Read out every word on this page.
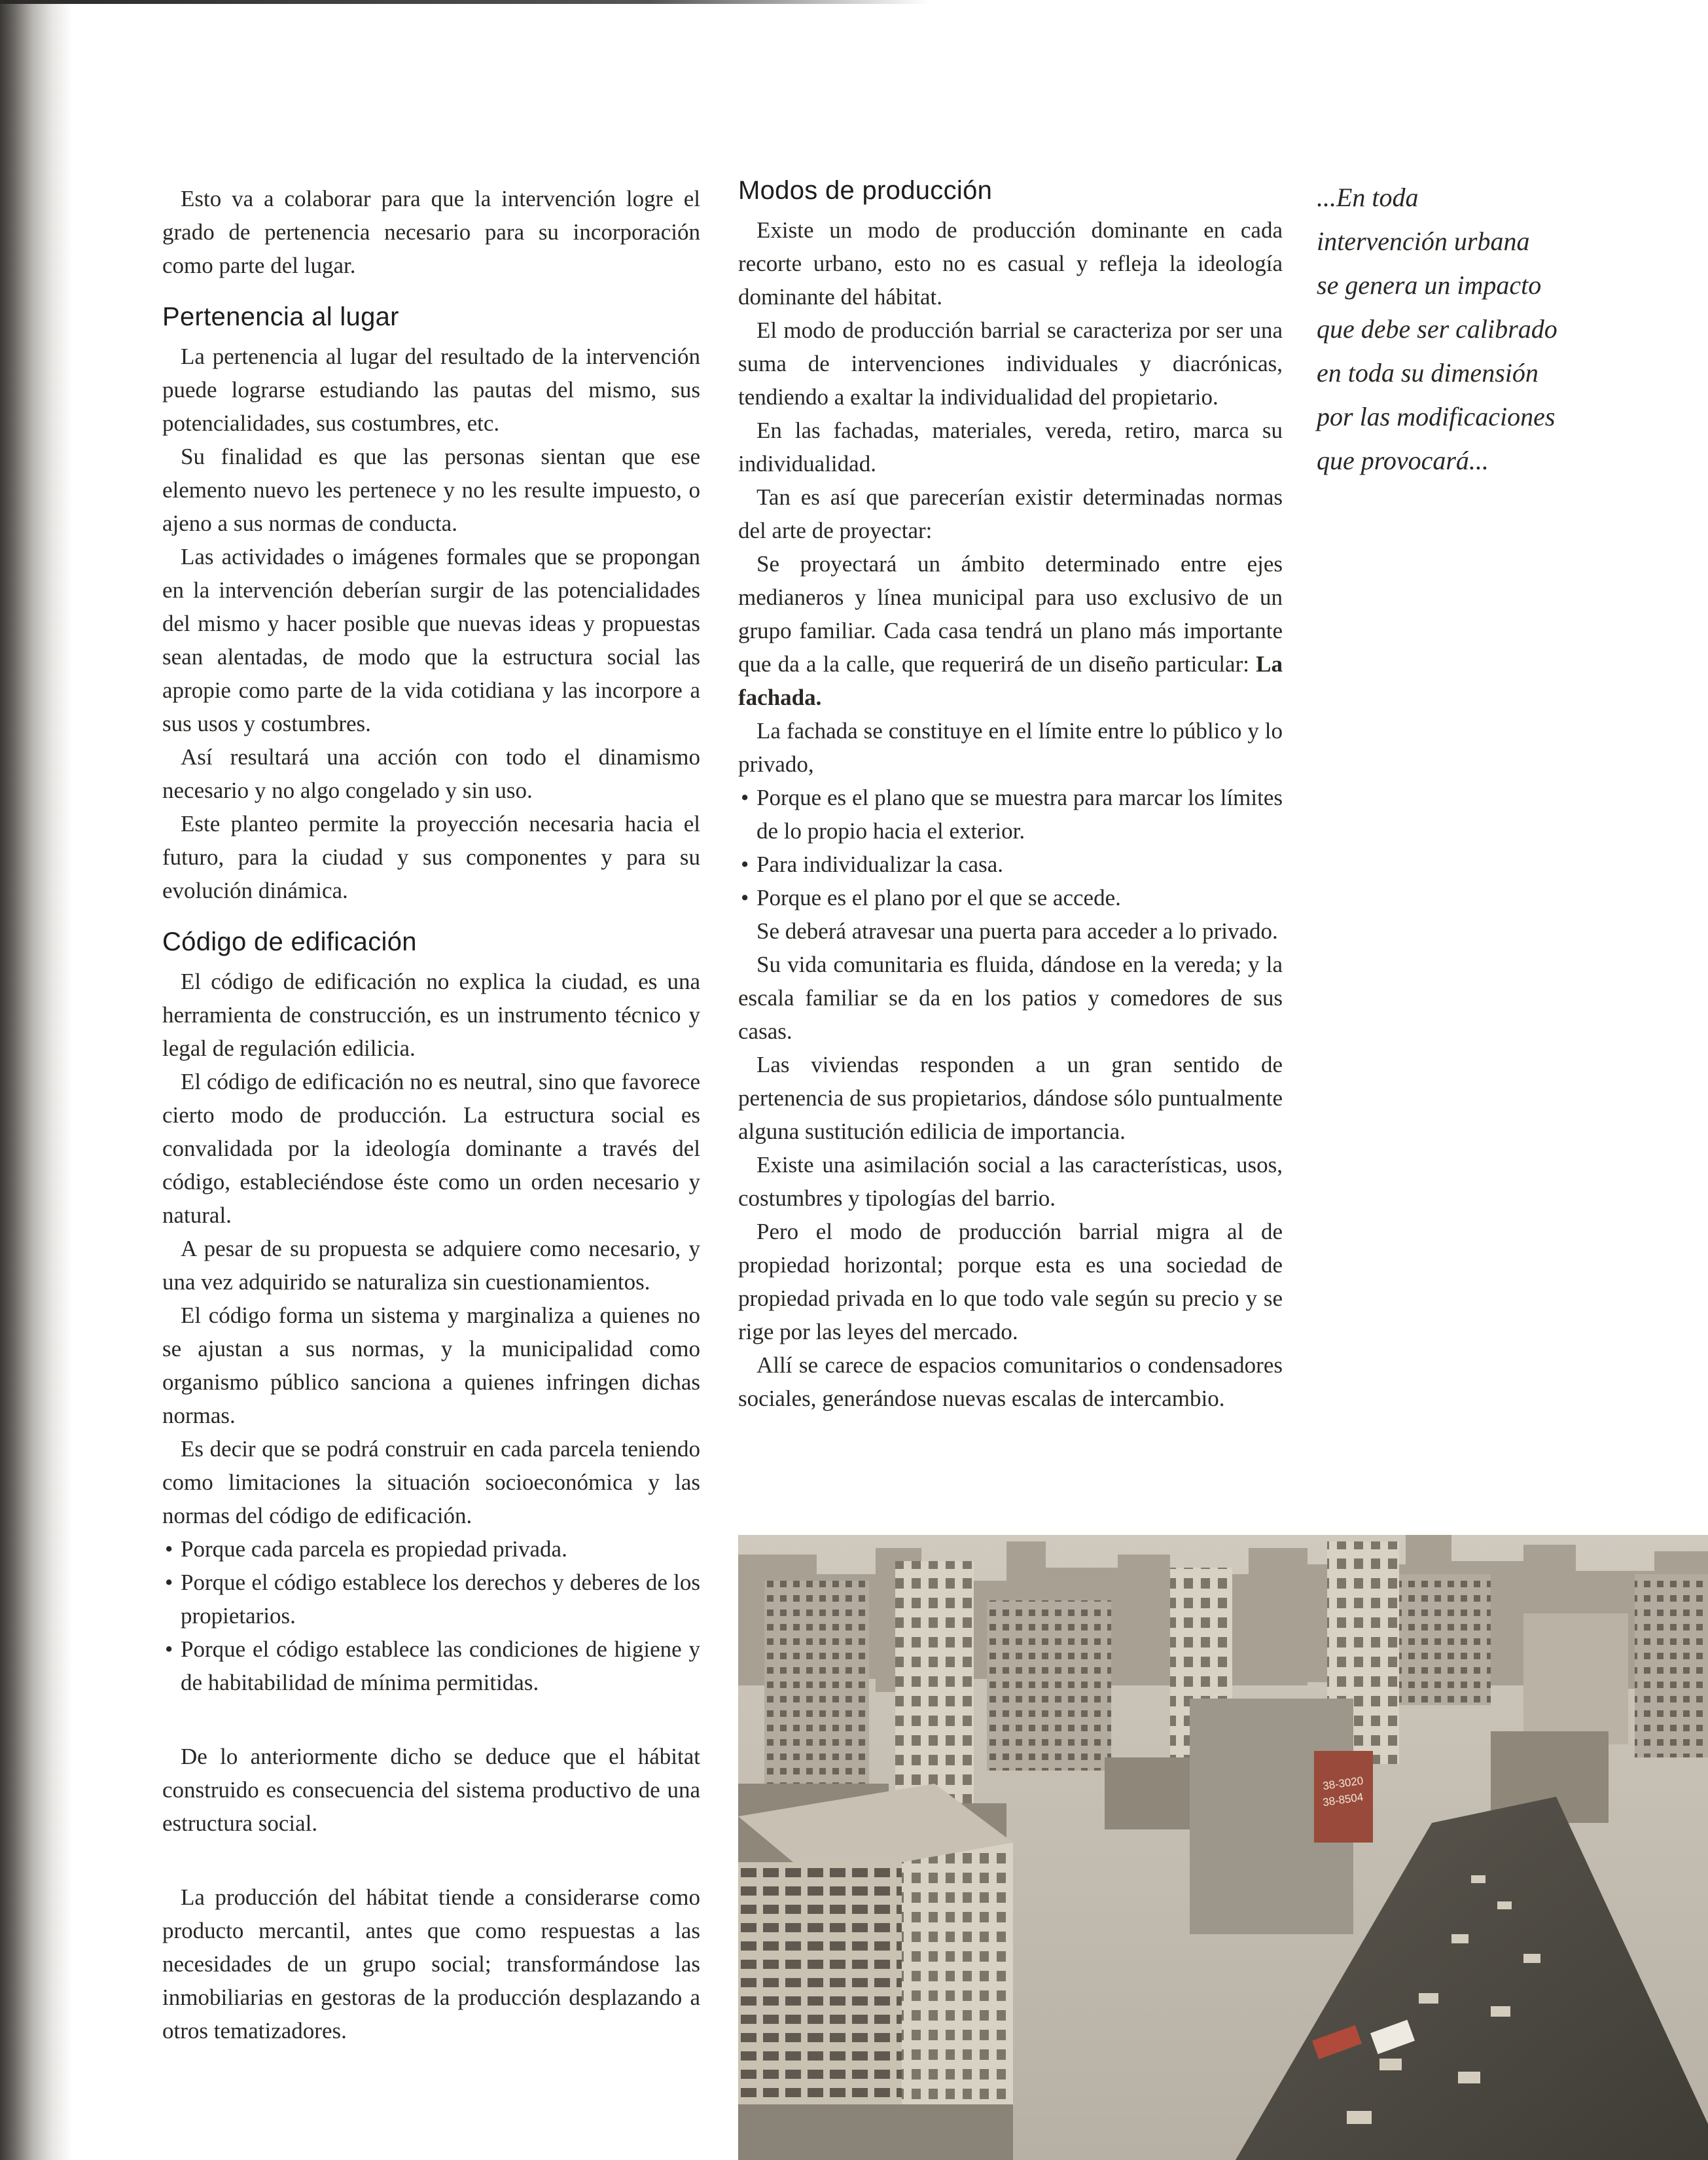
Esto va a colaborar para que la intervención logre el grado de pertenencia necesario para su incorporación como parte del lugar.

Pertenencia al lugar

La pertenencia al lugar del resultado de la intervención puede lograrse estudiando las pautas del mismo, sus potencialidades, sus costumbres, etc.

Su finalidad es que las personas sientan que ese elemento nuevo les pertenece y no les resulte impuesto, o ajeno a sus normas de conducta.

Las actividades o imágenes formales que se propongan en la intervención deberían surgir de las potencialidades del mismo y hacer posible que nuevas ideas y propuestas sean alentadas, de modo que la estructura social las apropie como parte de la vida cotidiana y las incorpore a sus usos y costumbres.

Así resultará una acción con todo el dinamismo necesario y no algo congelado y sin uso.

Este planteo permite la proyección necesaria hacia el futuro, para la ciudad y sus componentes y para su evolución dinámica.

Código de edificación

El código de edificación no explica la ciudad, es una herramienta de construcción, es un instrumento técnico y legal de regulación edilicia.

El código de edificación no es neutral, sino que favorece cierto modo de producción. La estructura social es convalidada por la ideología dominante a través del código, estableciéndose éste como un orden necesario y natural.

A pesar de su propuesta se adquiere como necesario, y una vez adquirido se naturaliza sin cuestionamientos.

El código forma un sistema y marginaliza a quienes no se ajustan a sus normas, y la municipalidad como organismo público sanciona a quienes infringen dichas normas.

Es decir que se podrá construir en cada parcela teniendo como limitaciones la situación socioeconómica y las normas del código de edificación.

• Porque cada parcela es propiedad privada.
• Porque el código establece los derechos y deberes de los propietarios.
• Porque el código establece las condiciones de higiene y de habitabilidad de mínima permitidas.

De lo anteriormente dicho se deduce que el hábitat construido es consecuencia del sistema productivo de una estructura social.

La producción del hábitat tiende a considerarse como producto mercantil, antes que como respuestas a las necesidades de un grupo social; transformándose las inmobiliarias en gestoras de la producción desplazando a otros tematizadores.

Modos de producción

Existe un modo de producción dominante en cada recorte urbano, esto no es casual y refleja la ideología dominante del hábitat.

El modo de producción barrial se caracteriza por ser una suma de intervenciones individuales y diacrónicas, tendiendo a exaltar la individualidad del propietario.

En las fachadas, materiales, vereda, retiro, marca su individualidad.

Tan es así que parecerían existir determinadas normas del arte de proyectar:

Se proyectará un ámbito determinado entre ejes medianeros y línea municipal para uso exclusivo de un grupo familiar. Cada casa tendrá un plano más importante que da a la calle, que requerirá de un diseño particular: La fachada.

La fachada se constituye en el límite entre lo público y lo privado,

• Porque es el plano que se muestra para marcar los límites de lo propio hacia el exterior.
• Para individualizar la casa.
• Porque es el plano por el que se accede.

Se deberá atravesar una puerta para acceder a lo privado.

Su vida comunitaria es fluida, dándose en la vereda; y la escala familiar se da en los patios y comedores de sus casas.

Las viviendas responden a un gran sentido de pertenencia de sus propietarios, dándose sólo puntualmente alguna sustitución edilicia de importancia.

Existe una asimilación social a las características, usos, costumbres y tipologías del barrio.

Pero el modo de producción barrial migra al de propiedad horizontal; porque esta es una sociedad de propiedad privada en lo que todo vale según su precio y se rige por las leyes del mercado.

Allí se carece de espacios comunitarios o condensadores sociales, generándose nuevas escalas de intercambio.

...En toda
intervención urbana
se genera un impacto
que debe ser calibrado
en toda su dimensión
por las modificaciones
que provocará...

38-3020
38-8504
